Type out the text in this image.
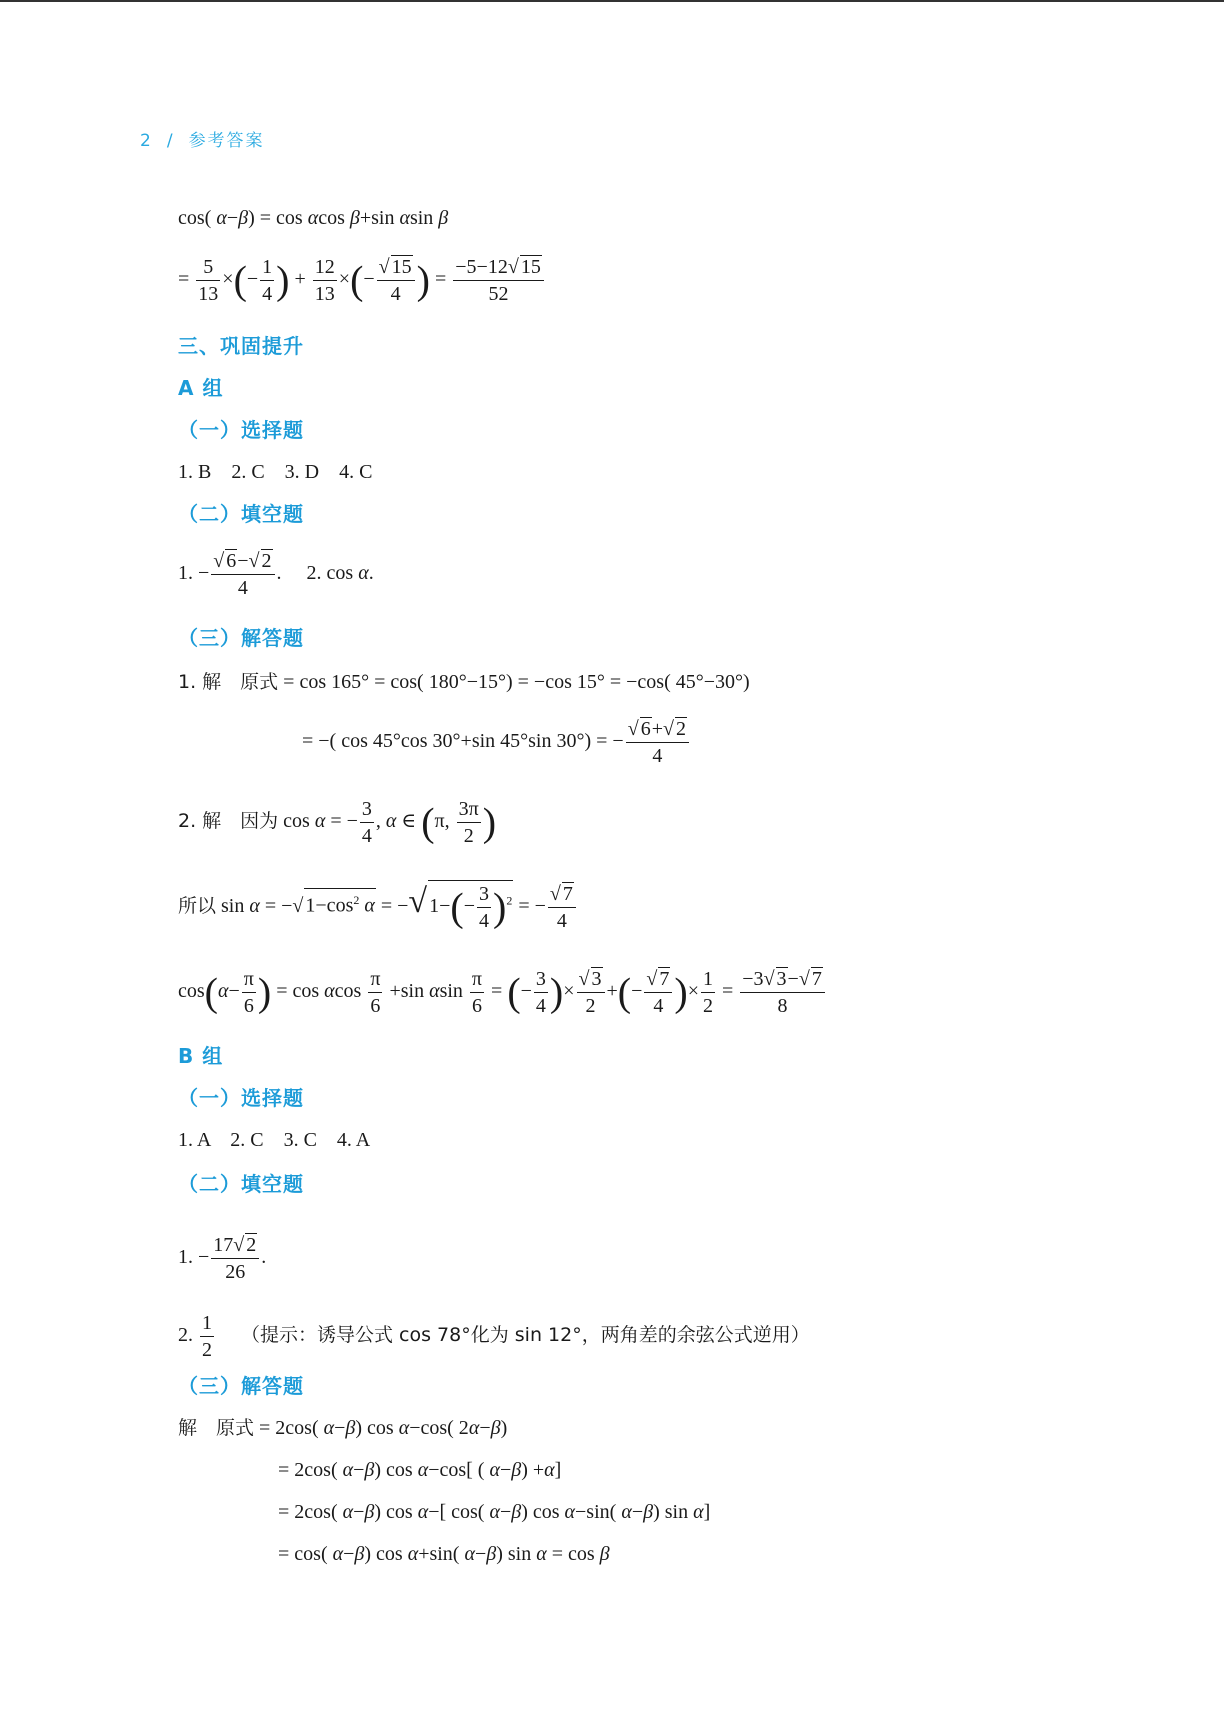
2 / 参考答案
cos( α−β) = cos αcos β+sin αsin β
= $\frac{5}{13}$ ×(− $\frac{1}{4}$ ) + $\frac{12}{13}$ ×(− $\frac{√ 15}{4}$ ) = $\frac{-5-12√ 15}{52}$
三、巩固提升
A 组
（一）选择题
1. B　2. C　3. D　4. C
（二）填空题
1. − $\frac{√ 6-√ 2}{4}$ .　 2. cos α.
（三）解答题
1. 解　原式 = cos 165° = cos( 180°−15°) = −cos 15° = −cos( 45°−30°)
= −( cos 45°cos 30°+sin 45°sin 30°) = − $\frac{√ 6+√ 2}{4}$
2. 解　因为 cos α = − $\frac{3}{4}$ , α ∈ (π, $\frac{3\pi}{2}$ )
所以 sin α = −√ $1-\cos^2$ α = −√ $1-(- \frac{3}{4} )^2$ = − $\frac{√ 7}{4}$
$\cos(\alpha- \frac{\pi}{6}$ ) = cos αcos $\frac{\pi}{6} +\sin$ αsin $\frac{\pi}{6}$ = (− $\frac{3}{4}$ )× $\frac{√ 3}{2}$ +(− $\frac{√ 7}{4}$ )× $\frac{1}{2} = \frac{-3√ 3-√ 7}{8}$
B 组
（一）选择题
1. A　2. C　3. C　4. A
（二）填空题
1. − $\frac{17√ 2}{26}$ .
2. $\frac{1}{2}$
　 （提示：诱导公式 cos 78°化为 sin 12°，两角差的余弦公式逆用）
（三）解答题
解　原式 = 2cos( α−β) cos α−cos( 2α−β)
= 2cos( α−β) cos α−cos[ ( α−β) +α]
= 2cos( α−β) cos α−[ cos( α−β) cos α−sin( α−β) sin α]
= cos( α−β) cos α+sin( α−β) sin α = cos β
